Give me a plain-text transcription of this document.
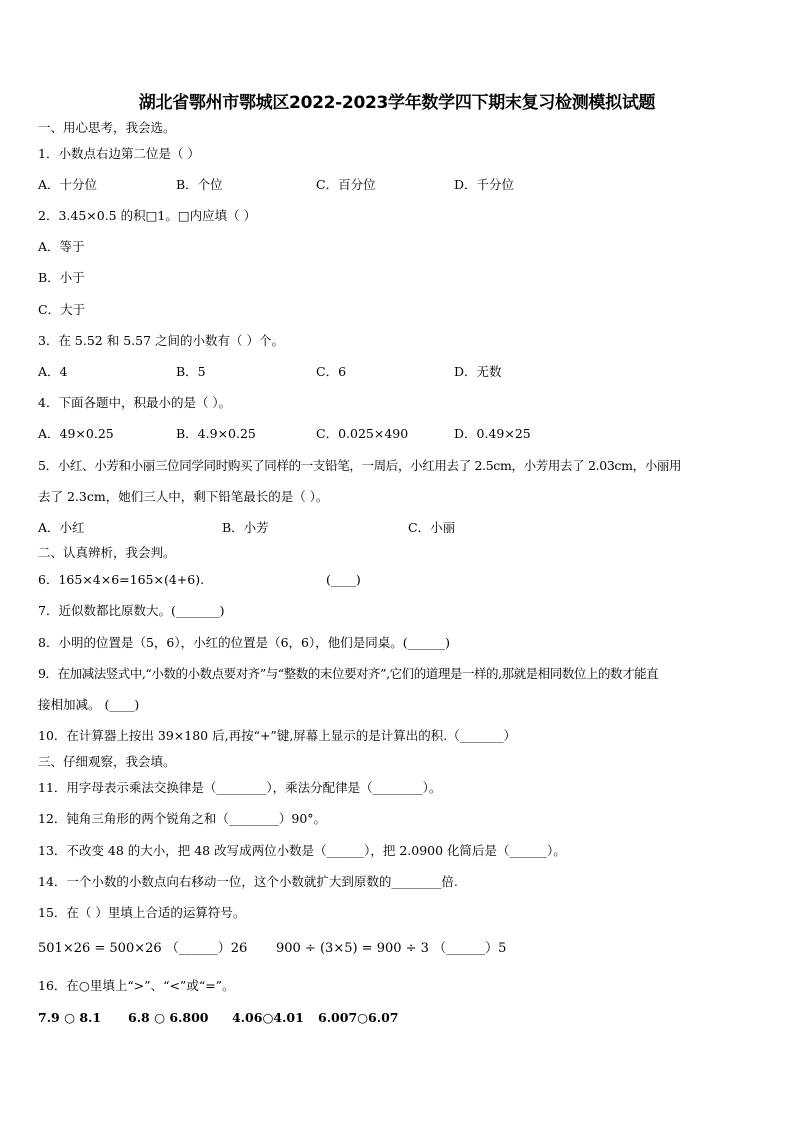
湖北省鄂州市鄂城区2022-2023学年数学四下期末复习检测模拟试题
一、用心思考，我会选。
1．小数点右边第二位是（ ）
A．十分位	B．个位	C．百分位	D．千分位
2．3.45×0.5 的积□1。□内应填（ ）
A．等于
B．小于
C．大于
3．在 5.52 和 5.57 之间的小数有（ ）个。
A．4	B．5	C．6	D．无数
4．下面各题中，积最小的是（ ）。
A．49×0.25	B．4.9×0.25	C．0.025×490	D．0.49×25
5．小红、小芳和小丽三位同学同时购买了同样的一支铅笔，一周后，小红用去了 2.5cm，小芳用去了 2.03cm，小丽用
去了 2.3cm，她们三人中，剩下铅笔最长的是（ ）。
A．小红	B．小芳	C．小丽
二、认真辨析，我会判。
6．165×4×6=165×(4+6).	(____)
7．近似数都比原数大。(_______)
8．小明的位置是（5，6），小红的位置是（6，6），他们是同桌。(______)
9．在加减法竖式中,“小数的小数点要对齐”与“整数的末位要对齐”,它们的道理是一样的,那就是相同数位上的数才能直
接相加减。 (____)
10．在计算器上按出 39×180 后,再按“+”键,屏幕上显示的是计算出的积.（_______）
三、仔细观察，我会填。
11．用字母表示乘法交换律是（________），乘法分配律是（________）。
12．钝角三角形的两个锐角之和（________）90°。
13．不改变 48 的大小，把 48 改写成两位小数是（______），把 2.0900 化简后是（______）。
14．一个小数的小数点向右移动一位，这个小数就扩大到原数的________倍.
15．在（ ）里填上合适的运算符号。
501×26 = 500×26 （______）26 900 ÷ (3×5) = 900 ÷ 3 （______）5
16．在○里填上“>”、“<”或“=”。
7.9 ○ 8.1 6.8 ○ 6.800 4.06○4.01 6.007○6.07
